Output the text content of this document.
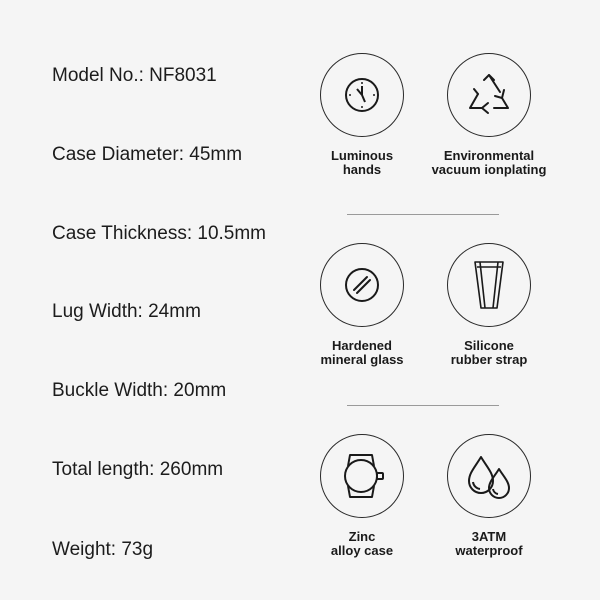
Model No.: NF8031
Case Diameter: 45mm
Case Thickness: 10.5mm
Lug Width: 24mm
Buckle Width: 20mm
Total length: 260mm
Weight: 73g
Luminous
hands
Environmental
vacuum ionplating
Hardened
mineral glass
Silicone
rubber strap
Zinc
alloy case
3ATM
waterproof
